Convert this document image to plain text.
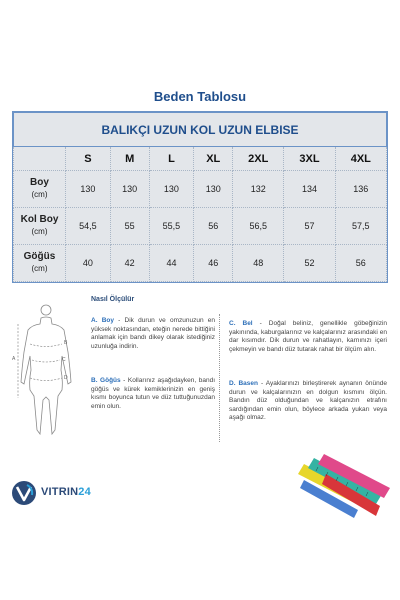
Beden Tablosu
BALIKÇI UZUN KOL UZUN ELBISE							
	S	M	L	XL	2XL	3XL	4XL
Boy
(cm)	130	130	130	130	132	134	136
Kol Boy
(cm)	54,5	55	55,5	56	56,5	57	57,5
Göğüs
(cm)	40	42	44	46	48	52	56
Nasıl Ölçülür
A
B
C
D
A. Boy - Dik durun ve omzunuzun en yüksek noktasından, eteğin nerede bittiğini anlamak için bandı dikey olarak istediğiniz uzunluğa indirin.
B. Göğüs - Kollarınız aşağıdayken, bandı göğüs ve kürek kemiklerinizin en geniş kısmı boyunca tutun ve düz tuttuğunuzdan emin olun.
C. Bel - Doğal beliniz, genellikle göbeğinizin yakınında, kaburgalarınız ve kalçalarınız arasındaki en dar kısımdır. Dik durun ve rahatlayın, karnınızı içeri çekmeyin ve bandı düz tutarak rahat bir ölçüm alın.
D. Basen - Ayaklarınızı birleştirerek aynanın önünde durun ve kalçalarınızın en dolgun kısmını ölçün. Bandın düz olduğundan ve kalçanızın etrafını sardığından emin olun, böylece arkada yukarı veya aşağı olmaz.
VITRIN24
